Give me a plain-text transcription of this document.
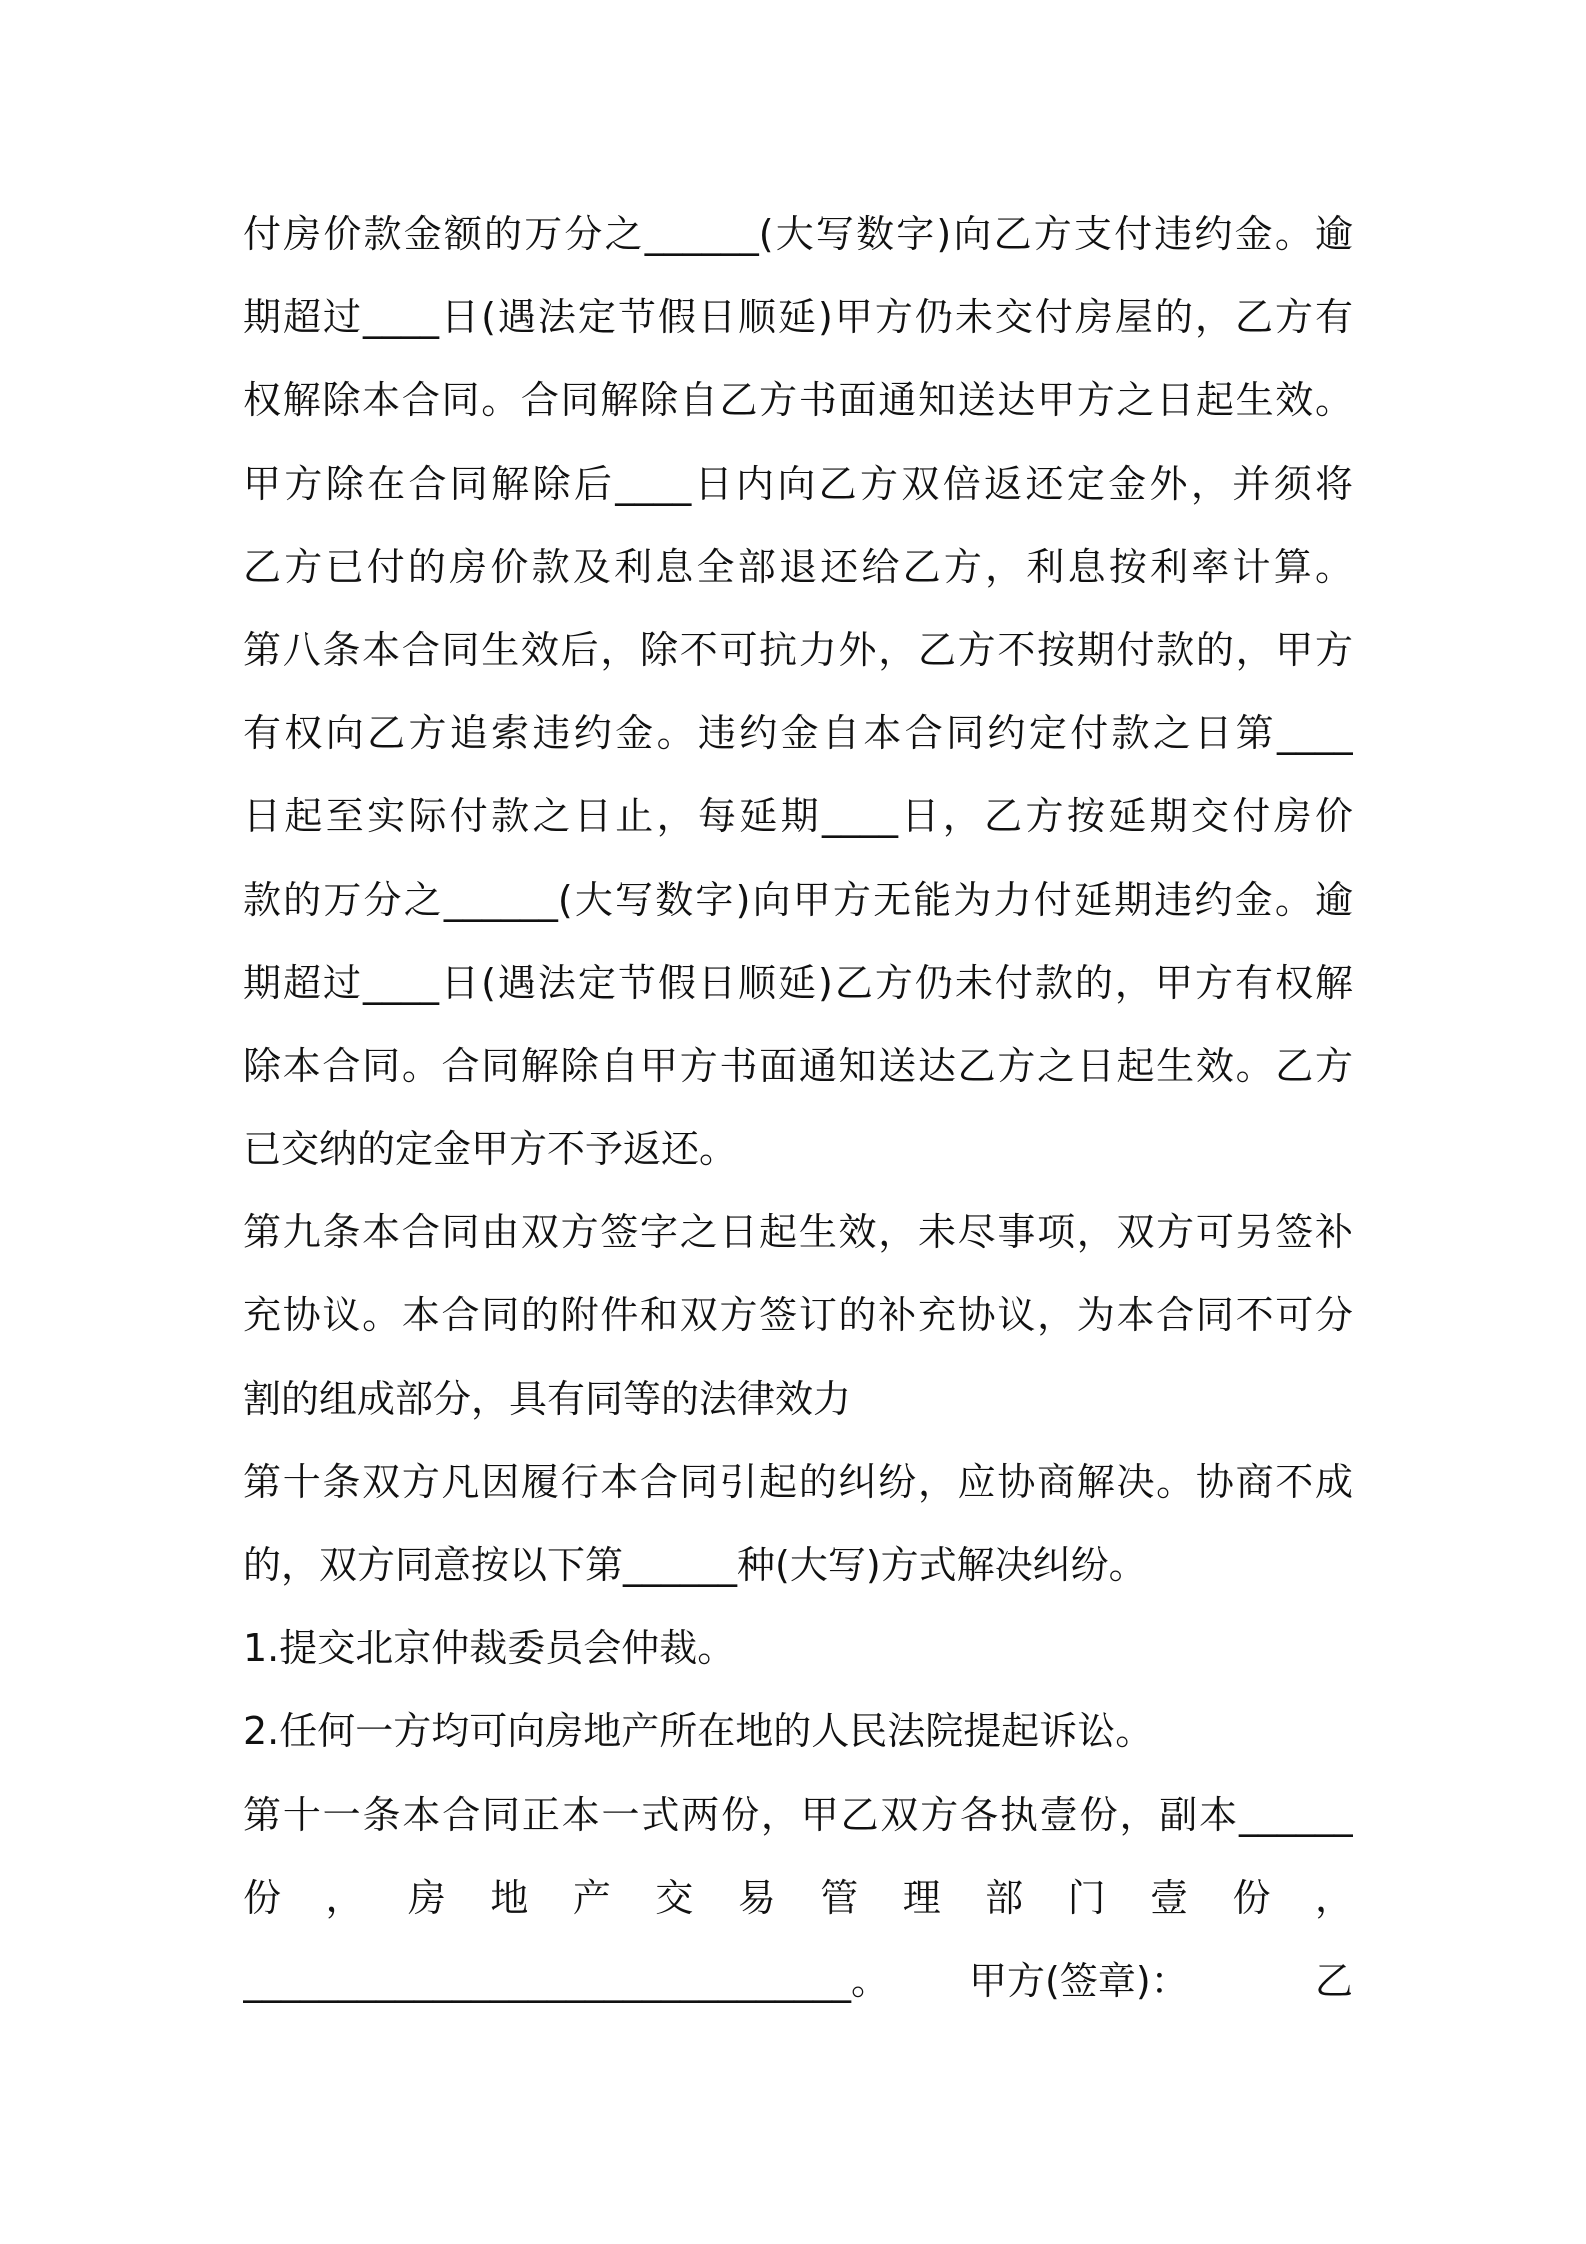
付房价款金额的万分之______(大写数字)向乙方支付违约金。逾
期超过____日(遇法定节假日顺延)甲方仍未交付房屋的，乙方有
权解除本合同。合同解除自乙方书面通知送达甲方之日起生效。
甲方除在合同解除后____日内向乙方双倍返还定金外，并须将
乙方已付的房价款及利息全部退还给乙方，利息按利率计算。
第八条本合同生效后，除不可抗力外，乙方不按期付款的，甲方
有权向乙方追索违约金。违约金自本合同约定付款之日第____
日起至实际付款之日止，每延期____日，乙方按延期交付房价
款的万分之______(大写数字)向甲方无能为力付延期违约金。逾
期超过____日(遇法定节假日顺延)乙方仍未付款的，甲方有权解
除本合同。合同解除自甲方书面通知送达乙方之日起生效。乙方
已交纳的定金甲方不予返还。
第九条本合同由双方签字之日起生效，未尽事项，双方可另签补
充协议。本合同的附件和双方签订的补充协议，为本合同不可分
割的组成部分，具有同等的法律效力
第十条双方凡因履行本合同引起的纠纷，应协商解决。协商不成
的，双方同意按以下第______种(大写)方式解决纠纷。
1.提交北京仲裁委员会仲裁。
2.任何一方均可向房地产所在地的人民法院提起诉讼。
第十一条本合同正本一式两份，甲乙双方各执壹份，副本______
份 ， 房 地 产 交 易 管 理 部 门 壹 份 ，
________________________________。 甲方(签章)：	乙
